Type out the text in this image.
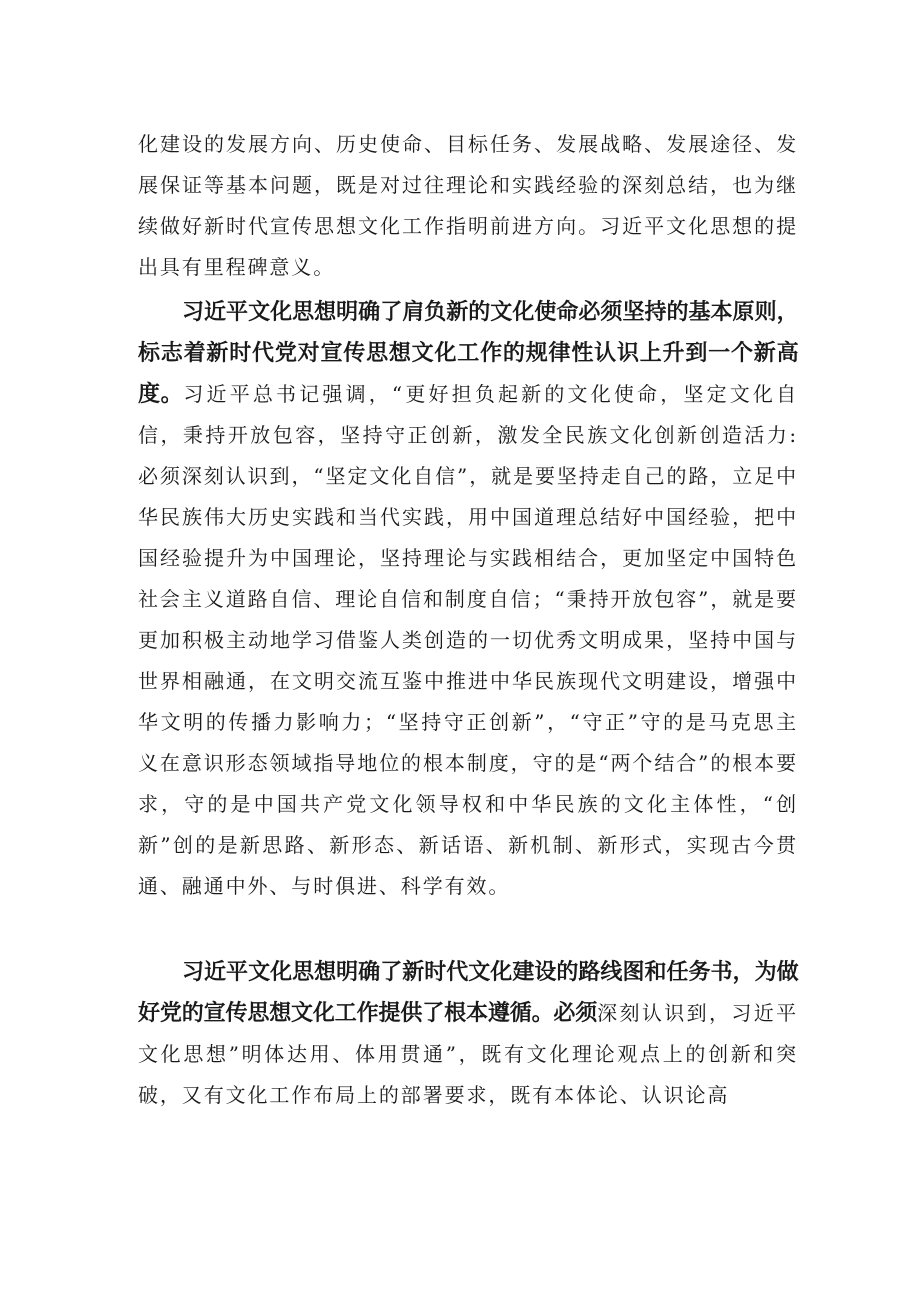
化建设的发展方向、历史使命、目标任务、发展战略、发展途径、发展保证等基本问题，既是对过往理论和实践经验的深刻总结，也为继续做好新时代宣传思想文化工作指明前进方向。习近平文化思想的提出具有里程碑意义。

习近平文化思想明确了肩负新的文化使命必须坚持的基本原则，标志着新时代党对宣传思想文化工作的规律性认识上升到一个新高度。习近平总书记强调，“更好担负起新的文化使命，坚定文化自信，秉持开放包容，坚持守正创新，激发全民族文化创新创造活力:必须深刻认识到，“坚定文化自信”，就是要坚持走自己的路，立足中华民族伟大历史实践和当代实践，用中国道理总结好中国经验，把中国经验提升为中国理论，坚持理论与实践相结合，更加坚定中国特色社会主义道路自信、理论自信和制度自信；“秉持开放包容”，就是要更加积极主动地学习借鉴人类创造的一切优秀文明成果，坚持中国与世界相融通，在文明交流互鉴中推进中华民族现代文明建设，增强中华文明的传播力影响力；“坚持守正创新”，“守正”守的是马克思主义在意识形态领域指导地位的根本制度，守的是“两个结合”的根本要求，守的是中国共产党文化领导权和中华民族的文化主体性，“创新”创的是新思路、新形态、新话语、新机制、新形式，实现古今贯通、融通中外、与时俱进、科学有效。

习近平文化思想明确了新时代文化建设的路线图和任务书，为做好党的宣传思想文化工作提供了根本遵循。必须深刻认识到，习近平文化思想”明体达用、体用贯通”，既有文化理论观点上的创新和突破，又有文化工作布局上的部署要求，既有本体论、认识论高
